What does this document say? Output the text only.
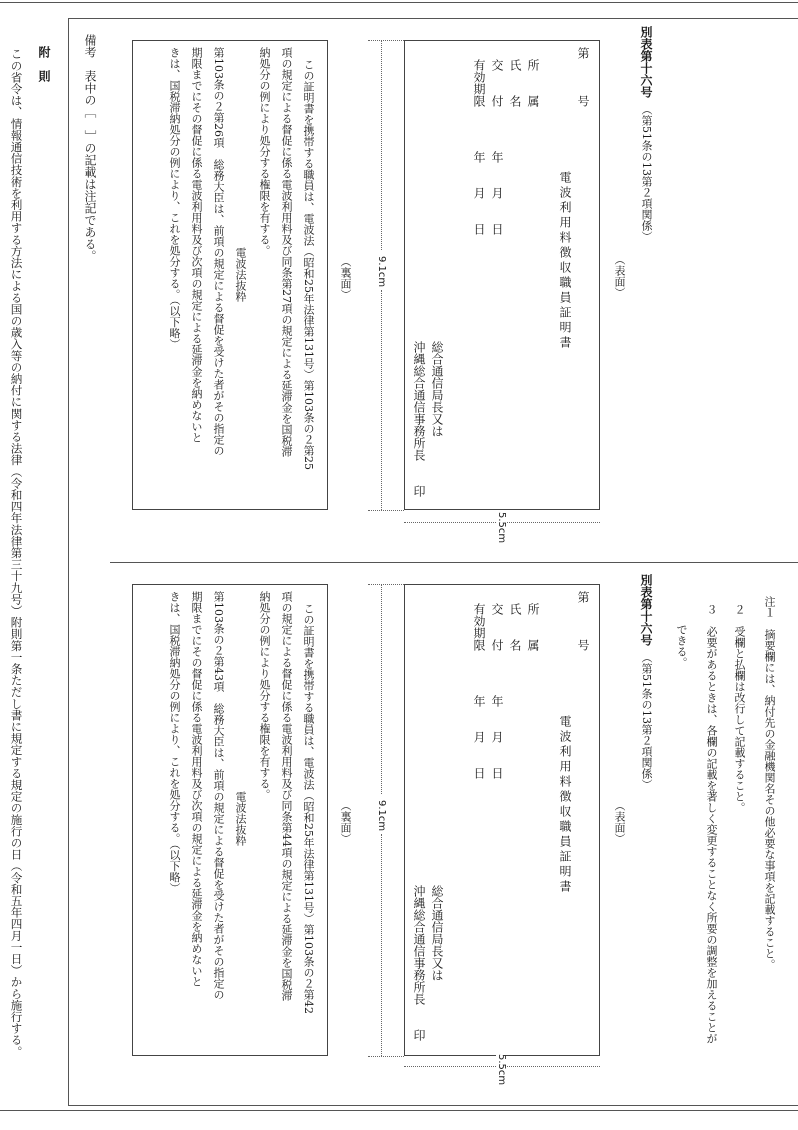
附　則
この省令は、情報通信技術を利用する方法による国の歳入等の納付に関する法律（令和四年法律第三十九号）附則第一条ただし書に規定する規定の施行の日（令和五年四月一日）から施行する。	備考　表中の［　］の記載は注記である。	別表第十六号
（第51条の13第２項関係）
（表面）
第　　　号
電波利用料徴収職員証明書
所　　属
氏　　名
交　　付
有効期限
年　　月　　日
年　　月　　日
総合通信局長又は
沖縄総合通信事務所長　　印
9.1cm
5.5cm
（裏面）
この証明書を携帯する職員は、電波法（昭和25年法律第131号）第103条の２第25
項の規定による督促に係る電波利用料及び同条第27項の規定による延滞金を国税滞
納処分の例により処分する権限を有する。
電波法抜粋
第103条の２第26項　総務大臣は、前項の規定による督促を受けた者がその指定の
期限までにその督促に係る電波利用料及び次項の規定による延滞金を納めないと
きは、国税滞納処分の例により、これを処分する。（以下略）
注１　摘要欄には、納付先の金融機関名その他必要な事項を記載すること。
２　受欄と払欄は改行して記載すること。
３　必要があるときは、各欄の記載を著しく変更することなく所要の調整を加えることが
できる。
別表第十六号
（第51条の13第２項関係）
（表面）
第　　　号
電波利用料徴収職員証明書
所　　属
氏　　名
交　　付
有効期限
年　　月　　日
年　　月　　日
総合通信局長又は
沖縄総合通信事務所長　　印
9.1cm
5.5cm
（裏面）
この証明書を携帯する職員は、電波法（昭和25年法律第131号）第103条の２第42
項の規定による督促に係る電波利用料及び同条第44項の規定による延滞金を国税滞
納処分の例により処分する権限を有する。
電波法抜粋
第103条の２第43項　総務大臣は、前項の規定による督促を受けた者がその指定の
期限までにその督促に係る電波利用料及び次項の規定による延滞金を納めないと
きは、国税滞納処分の例により、これを処分する。（以下略）
